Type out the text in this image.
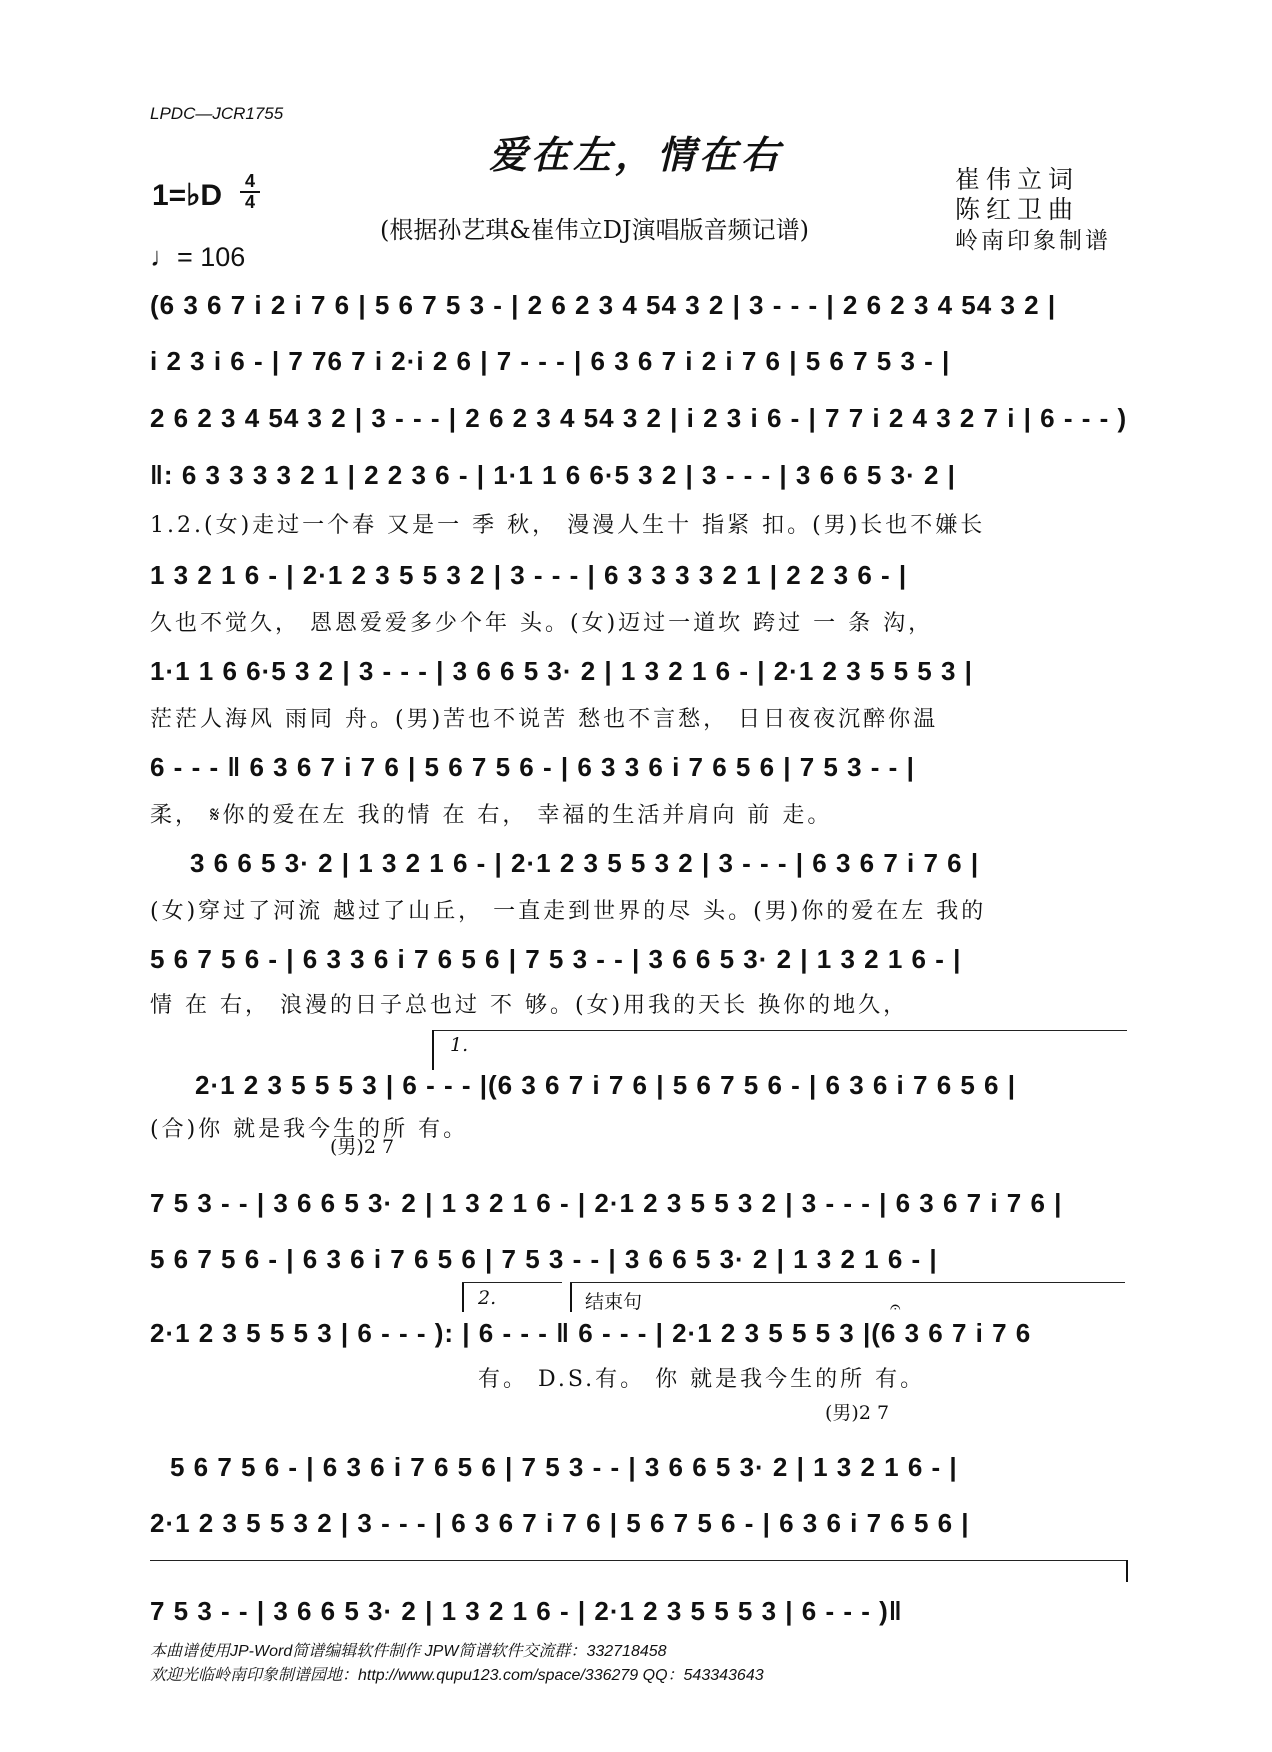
LPDC—JCR1755
爱在左，情在右
1=♭D 4
4
♩= 106
(根据孙艺琪&崔伟立DJ演唱版音频记谱)
崔伟立词
陈红卫曲
岭南印象制谱
(6 3 6 7 i 2 i 7 6 | 5 6 7 5 3 - | 2 6 2 3 4 54 3 2 | 3 - - - | 2 6 2 3 4 54 3 2 |
i 2 3 i 6 - | 7 76 7 i 2·i 2 6 | 7 - - - | 6 3 6 7 i 2 i 7 6 | 5 6 7 5 3 - |
2 6 2 3 4 54 3 2 | 3 - - - | 2 6 2 3 4 54 3 2 | i 2 3 i 6 - | 7 7 i 2 4 3 2 7 i | 6 - - - )
‖: 6 3 3 3 3 2 1 | 2 2 3 6 - | 1·1 1 6 6·5 3 2 | 3 - - - | 3 6 6 5 3· 2 |
1.2.(女)走过一个春 又是一 季 秋， 漫漫人生十 指紧 扣。(男)长也不嫌长
1 3 2 1 6 - | 2·1 2 3 5 5 3 2 | 3 - - - | 6 3 3 3 3 2 1 | 2 2 3 6 - |
久也不觉久， 恩恩爱爱多少个年 头。(女)迈过一道坎 跨过 一 条 沟，
1·1 1 6 6·5 3 2 | 3 - - - | 3 6 6 5 3· 2 | 1 3 2 1 6 - | 2·1 2 3 5 5 5 3 |
茫茫人海风 雨同 舟。(男)苦也不说苦 愁也不言愁， 日日夜夜沉醉你温
6 - - - ‖ 6 3 6 7 i 7 6 | 5 6 7 5 6 - | 6 3 3 6 i 7 6 5 6 | 7 5 3 - - |
柔， 𝄋你的爱在左 我的情 在 右， 幸福的生活并肩向 前 走。
3 6 6 5 3· 2 | 1 3 2 1 6 - | 2·1 2 3 5 5 3 2 | 3 - - - | 6 3 6 7 i 7 6 |
(女)穿过了河流 越过了山丘， 一直走到世界的尽 头。(男)你的爱在左 我的
5 6 7 5 6 - | 6 3 3 6 i 7 6 5 6 | 7 5 3 - - | 3 6 6 5 3· 2 | 1 3 2 1 6 - |
情 在 右， 浪漫的日子总也过 不 够。(女)用我的天长 换你的地久，
1.
2·1 2 3 5 5 5 3 | 6 - - - |(6 3 6 7 i 7 6 | 5 6 7 5 6 - | 6 3 6 i 7 6 5 6 |
(合)你 就是我今生的所 有。
(男)2 7
7 5 3 - - | 3 6 6 5 3· 2 | 1 3 2 1 6 - | 2·1 2 3 5 5 3 2 | 3 - - - | 6 3 6 7 i 7 6 |
5 6 7 5 6 - | 6 3 6 i 7 6 5 6 | 7 5 3 - - | 3 6 6 5 3· 2 | 1 3 2 1 6 - |
2.	结束句
2·1 2 3 5 5 5 3 | 6 - - - ): | 6 - - - ‖ 6 - - - | 2·1 2 3 5 5 5 3 |(6 3 6 7 i 7 6
𝄐
有。 D.S.有。 你 就是我今生的所 有。
(男)2 7
5 6 7 5 6 - | 6 3 6 i 7 6 5 6 | 7 5 3 - - | 3 6 6 5 3· 2 | 1 3 2 1 6 - |
2·1 2 3 5 5 3 2 | 3 - - - | 6 3 6 7 i 7 6 | 5 6 7 5 6 - | 6 3 6 i 7 6 5 6 |
7 5 3 - - | 3 6 6 5 3· 2 | 1 3 2 1 6 - | 2·1 2 3 5 5 5 3 | 6 - - - )‖
本曲谱使用JP-Word简谱编辑软件制作 JPW简谱软件交流群：332718458
欢迎光临岭南印象制谱园地：http://www.qupu123.com/space/336279 QQ：543343643
